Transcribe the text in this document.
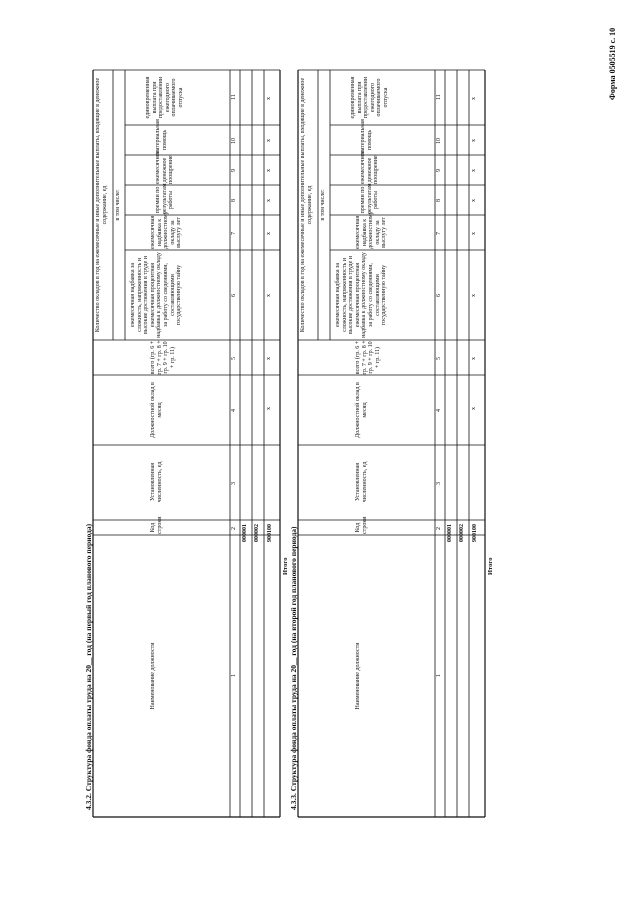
Форма 0505519 с. 10
4.3.2. Структура фонда оплаты труда на 20__ год (на первый год планового периода)	Наименование должности
Код строки
Установленная численность, ед
Должностной оклад в месяц
Количество окладов в год на ежемесячные и иные дополнительные выплаты, входящие в денежное содержание, ед
всего (гр. 6 + гр. 7 + гр. 8 + гр. 9 + гр. 10 + гр. 11)
в том числе:
ежемесячная надбавка за сложность, напряженность и высокие достижения в труде и ежемесячная процентная надбавка к должностному окладу за работу со сведениями, составляющими государственную тайну
ежемесячная надбавка к должностному окладу за выслугу лет
премии по результатам работы
ежемесячное денежное поощрение
материальная помощь
единовременная выплата при предоставлении ежегодного оплачиваемого отпуска
1
2
3
4
5
6
7
8
9
10
11
000001 000002 900100
Итого
x
x
x
x
x
x
x
x
4.3.3. Структура фонда оплаты труда на 20__ год (на второй год планового периода)	Наименование должности
Код строки
Установленная численность, ед
Должностной оклад в месяц
Количество окладов в год на ежемесячные и иные дополнительные выплаты, входящие в денежное содержание, ед
всего (гр. 6 + гр. 7 + гр. 8 + гр. 9 + гр. 10 + гр. 11)
в том числе:
ежемесячная надбавка за сложность, напряженность и высокие достижения в труде и ежемесячная процентная надбавка к должностному окладу за работу со сведениями, составляющими государственную тайну
ежемесячная надбавка к должностному окладу за выслугу лет
премии по результатам работы
ежемесячное денежное поощрение
материальная помощь
единовременная выплата при предоставлении ежегодного оплачиваемого отпуска
1
2
3
4
5
6
7
8
9
10
11
000001 000002 900100
Итого
x
x
x
x
x
x
x
x
